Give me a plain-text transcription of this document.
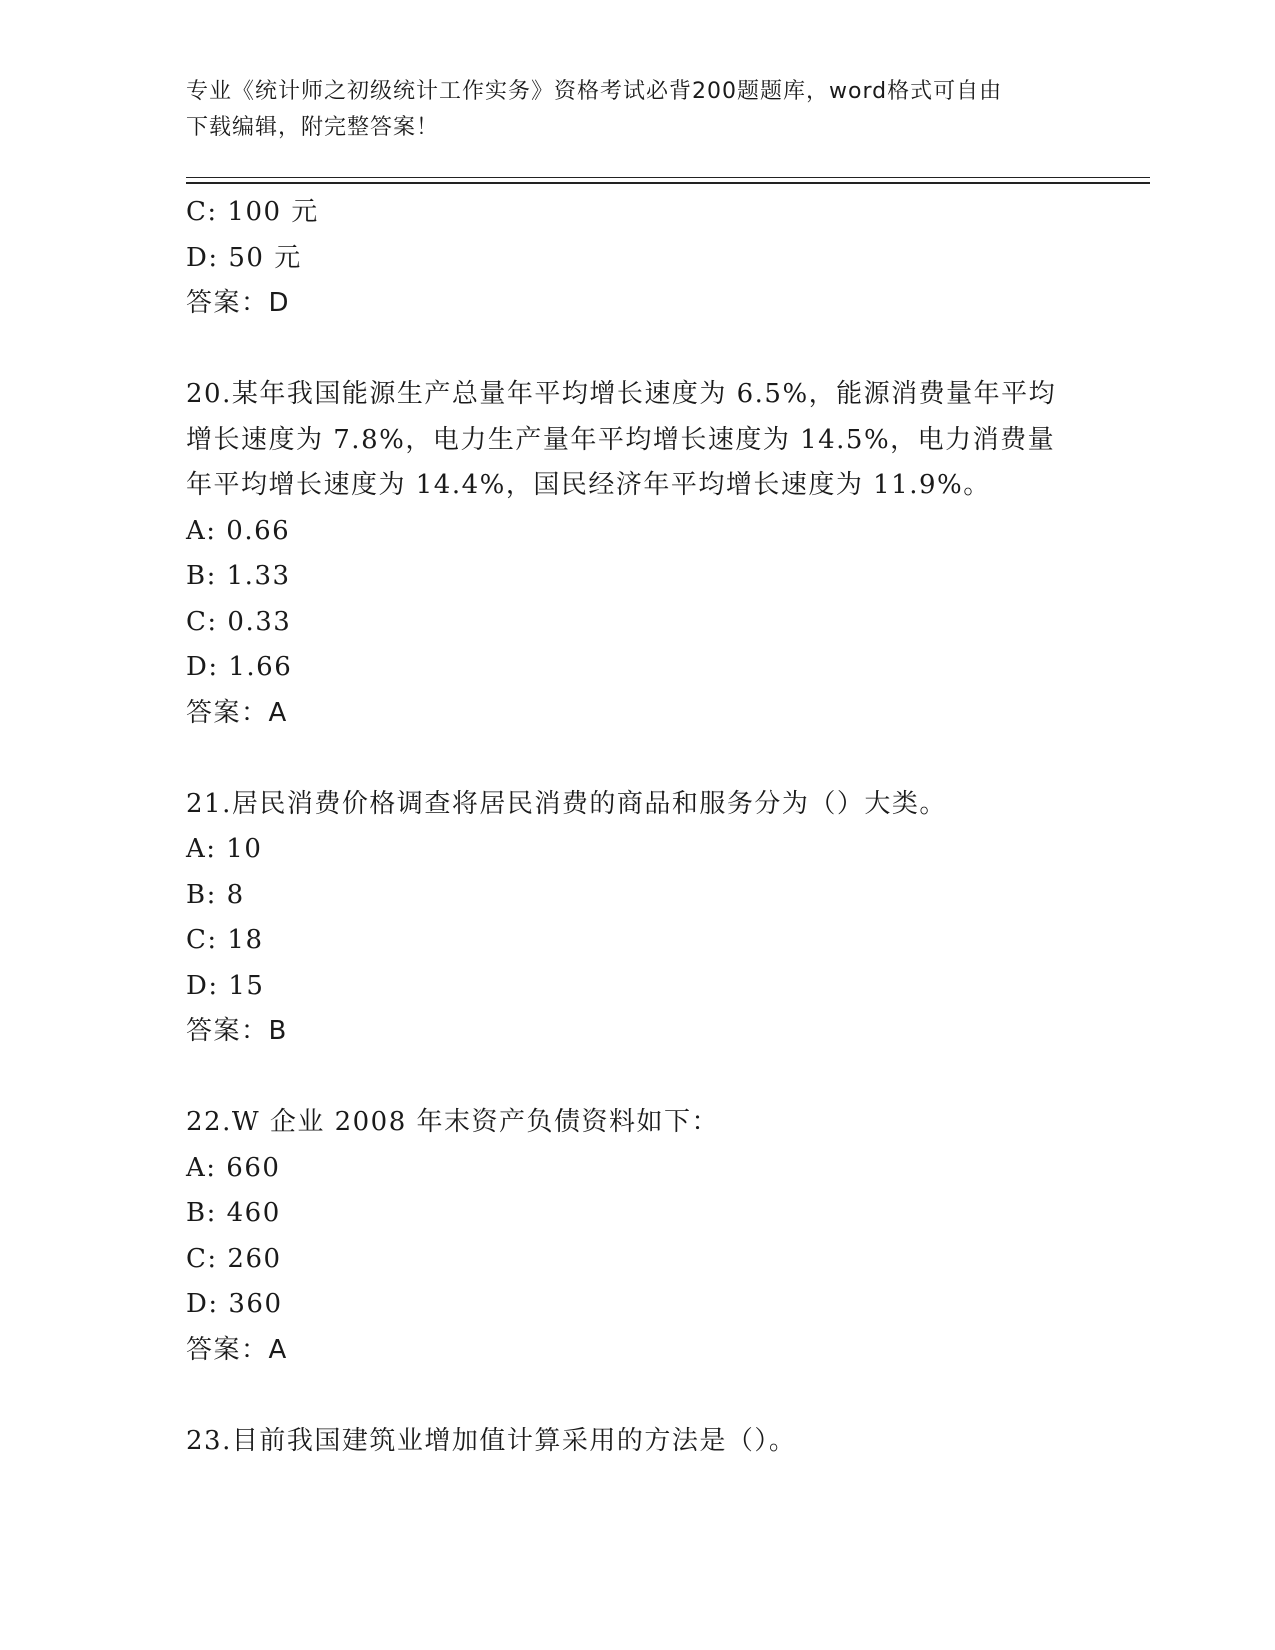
专业《统计师之初级统计工作实务》资格考试必背200题题库，word格式可自由
下载编辑，附完整答案！
C: 100 元
D: 50 元
答案：D
20.某年我国能源生产总量年平均增长速度为 6.5%，能源消费量年平均
增长速度为 7.8%，电力生产量年平均增长速度为 14.5%，电力消费量
年平均增长速度为 14.4%，国民经济年平均增长速度为 11.9%。
A: 0.66
B: 1.33
C: 0.33
D: 1.66
答案：A
21.居民消费价格调查将居民消费的商品和服务分为（）大类。
A: 10
B: 8
C: 18
D: 15
答案：B
22.W 企业 2008 年末资产负债资料如下：
A: 660
B: 460
C: 260
D: 360
答案：A
23.目前我国建筑业增加值计算采用的方法是（）。
